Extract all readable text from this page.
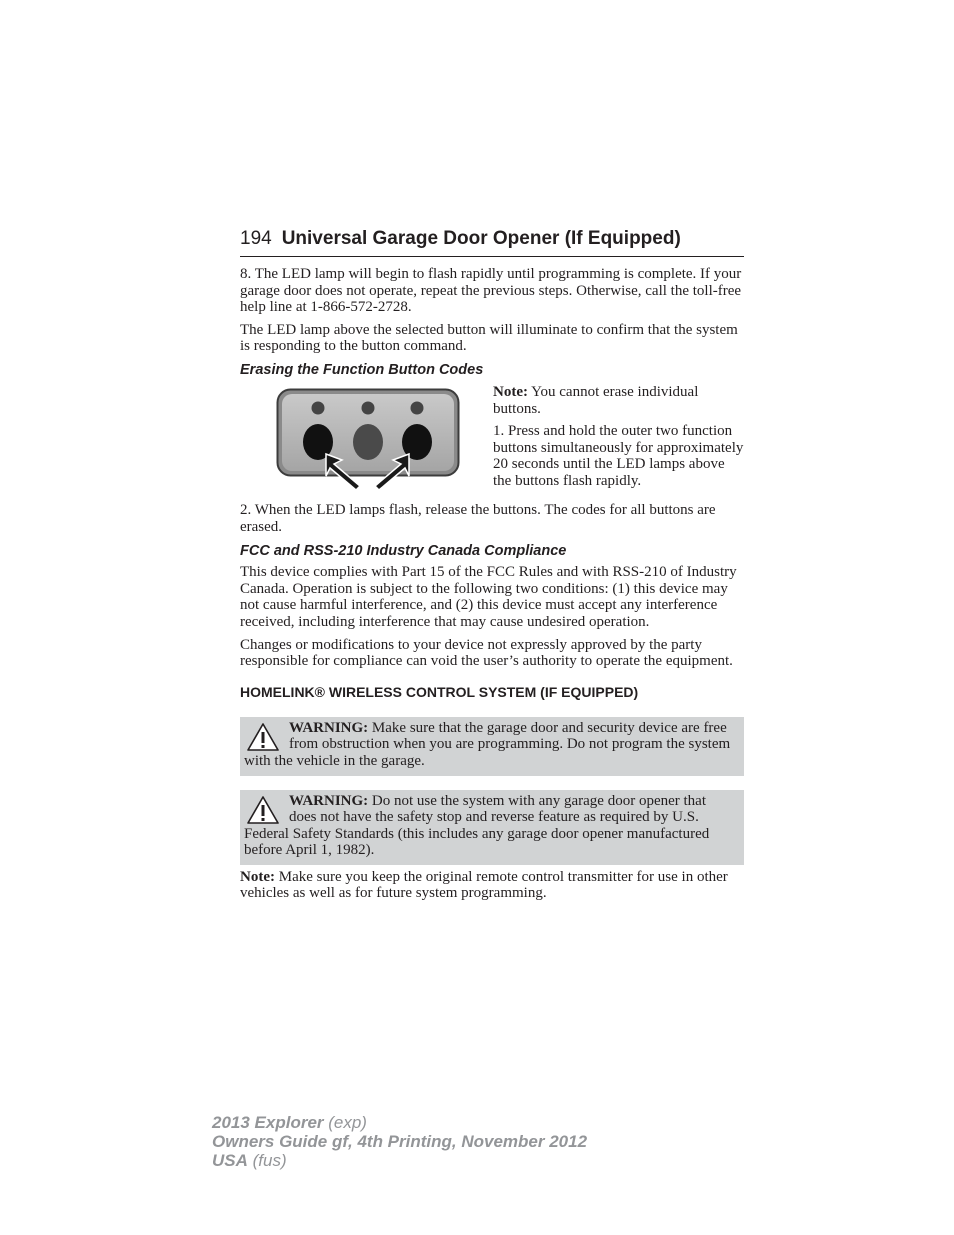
194 Universal Garage Door Opener (If Equipped)

8. The LED lamp will begin to flash rapidly until programming is complete. If your garage door does not operate, repeat the previous steps. Otherwise, call the toll-free help line at 1-866-572-2728.

The LED lamp above the selected button will illuminate to confirm that the system is responding to the button command.

Erasing the Function Button Codes

Note: You cannot erase individual buttons.

1. Press and hold the outer two function buttons simultaneously for approximately 20 seconds until the LED lamps above the buttons flash rapidly.

2. When the LED lamps flash, release the buttons. The codes for all buttons are erased.

FCC and RSS-210 Industry Canada Compliance

This device complies with Part 15 of the FCC Rules and with RSS-210 of Industry Canada. Operation is subject to the following two conditions: (1) this device may not cause harmful interference, and (2) this device must accept any interference received, including interference that may cause undesired operation.

Changes or modifications to your device not expressly approved by the party responsible for compliance can void the user’s authority to operate the equipment.

HOMELINK® WIRELESS CONTROL SYSTEM (IF EQUIPPED)

WARNING: Make sure that the garage door and security device are free from obstruction when you are programming. Do not program the system with the vehicle in the garage.

WARNING: Do not use the system with any garage door opener that does not have the safety stop and reverse feature as required by U.S. Federal Safety Standards (this includes any garage door opener manufactured before April 1, 1982).

Note: Make sure you keep the original remote control transmitter for use in other vehicles as well as for future system programming.

2013 Explorer (exp)
Owners Guide gf, 4th Printing, November 2012
USA (fus)
